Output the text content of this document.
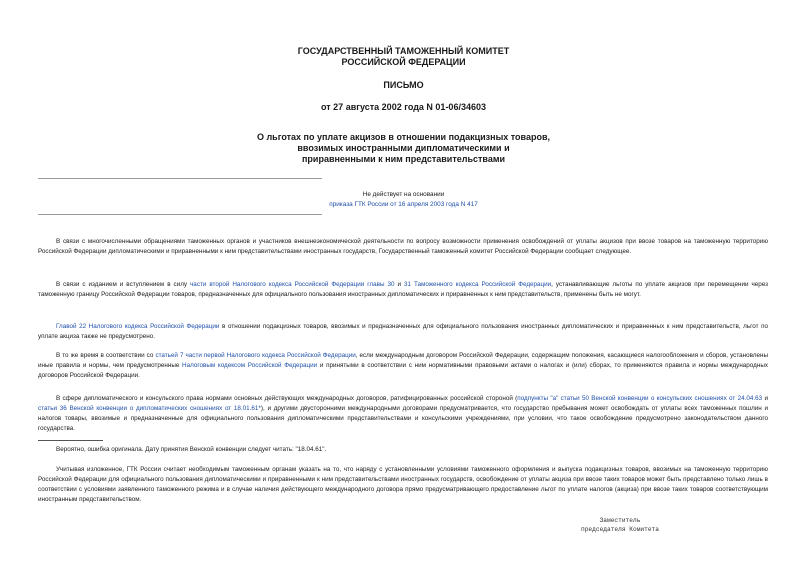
ГОСУДАРСТВЕННЫЙ ТАМОЖЕННЫЙ КОМИТЕТ
РОССИЙСКОЙ ФЕДЕРАЦИИ
ПИСЬМО
от 27 августа 2002 года N 01-06/34603
О льготах по уплате акцизов в отношении подакцизных товаров,
ввозимых иностранными дипломатическими и
приравненными к ним представительствами
Не действует на основании
приказа ГТК России от 16 апреля 2003 года N 417

В связи с многочисленными обращениями таможенных органов и участников внешнеэкономической деятельности по вопросу возможности применения освобождений от уплаты акцизов при ввозе товаров на таможенную территорию Российской Федерации дипломатическими и приравненными к ним представительствами иностранных государств, Государственный таможенный комитет Российской Федерации сообщает следующее.

В связи с изданием и вступлением в силу части второй Налогового кодекса Российской Федерации главы 30 и 31 Таможенного кодекса Российской Федерации, устанавливающие льготы по уплате акцизов при перемещении через таможенную границу Российской Федерации товаров, предназначенных для официального пользования иностранных дипломатических и приравненных к ним представительств, применены быть не могут.

Главой 22 Налогового кодекса Российской Федерации в отношении подакцизных товаров, ввозимых и предназначенных для официального пользования иностранных дипломатических и приравненных к ним представительств, льгот по уплате акциза также не предусмотрено.

В то же время в соответствии со статьей 7 части первой Налогового кодекса Российской Федерации, если международным договором Российской Федерации, содержащим положения, касающиеся налогообложения и сборов, установлены иные правила и нормы, чем предусмотренные Налоговым кодексом Российской Федерации и принятыми в соответствии с ним нормативными правовыми актами о налогах и (или) сборах, то применяются правила и нормы международных договоров Российской Федерации.

В сфере дипломатического и консульского права нормами основных действующих международных договоров, ратифицированных российской стороной (подпункты "а" статьи 50 Венской конвенции о консульских сношениях от 24.04.63 и статьи 36 Венской конвенции о дипломатических сношениях от 18.01.61*), и другими двусторонними международными договорами предусматривается, что государство пребывания может освобождать от уплаты всех таможенных пошлин и налогов товары, ввозимые и предназначенные для официального пользования дипломатическими представительствами и консульскими учреждениями, при условии, что такое освобождение предусмотрено законодательством данного государства.

Вероятно, ошибка оригинала. Дату принятия Венской конвенции следует читать: "18.04.61".

Учитывая изложенное, ГТК России считает необходимым таможенным органам указать на то, что наряду с установленными условиями таможенного оформления и выпуска подакцизных товаров, ввозимых на таможенную территорию Российской Федерации для официального пользования дипломатическими и приравненными к ним представительствами иностранных государств, освобождение от уплаты акциза при ввозе таких товаров может быть представлено только лишь в соответствии с условиями заявленного таможенного режима и в случае наличия действующего международного договора прямо предусматривающего предоставление льгот по уплате налогов (акциза) при ввозе таких товаров соответствующим иностранным представительством.

Заместитель
председателя Комитета
